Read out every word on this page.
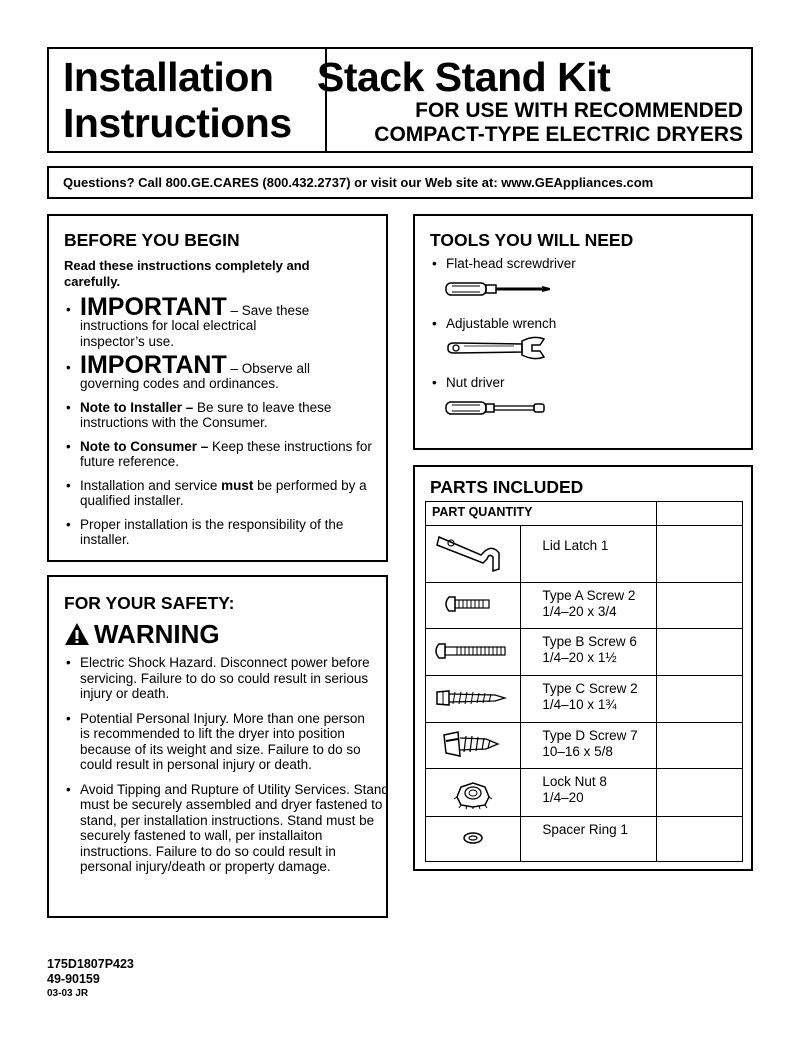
Installation
Instructions
Stack Stand Kit
FOR USE WITH RECOMMENDED
COMPACT-TYPE ELECTRIC DRYERS
Questions? Call 800.GE.CARES (800.432.2737) or visit our Web site at: www.GEAppliances.com
BEFORE YOU BEGIN
Read these instructions completely and carefully.
• IMPORTANT – Save these
instructions for local electrical inspector’s use.
• IMPORTANT – Observe all
governing codes and ordinances.
• Note to Installer – Be sure to leave these instructions with the Consumer.
• Note to Consumer – Keep these instructions for future reference.
• Installation and service must be performed by a qualified installer.
• Proper installation is the responsibility of the installer.
FOR YOUR SAFETY:
WARNING
• Electric Shock Hazard. Disconnect power before servicing. Failure to do so could result in serious injury or death.
• Potential Personal Injury. More than one person is recommended to lift the dryer into position because of its weight and size. Failure to do so could result in personal injury or death.
• Avoid Tipping and Rupture of Utility Services. Stand must be securely assembled and dryer fastened to stand, per installation instructions. Stand must be securely fastened to wall, per installaiton instructions. Failure to do so could result in personal injury/death or property damage.
TOOLS YOU WILL NEED
• Flat-head screwdriver
• Adjustable wrench
• Nut driver
PARTS INCLUDED
PART QUANTITY		

Lid Latch 1	

Type A Screw 2
1/4–20 x 3/4	

Type B Screw 6
1/4–20 x 1½	

Type C Screw 2
1/4–10 x 1¾	

Type D Screw 7
10–16 x 5/8	

Lock Nut 8
1/4–20	

Spacer Ring 1	

175D1807P423
49-90159
03-03 JR
